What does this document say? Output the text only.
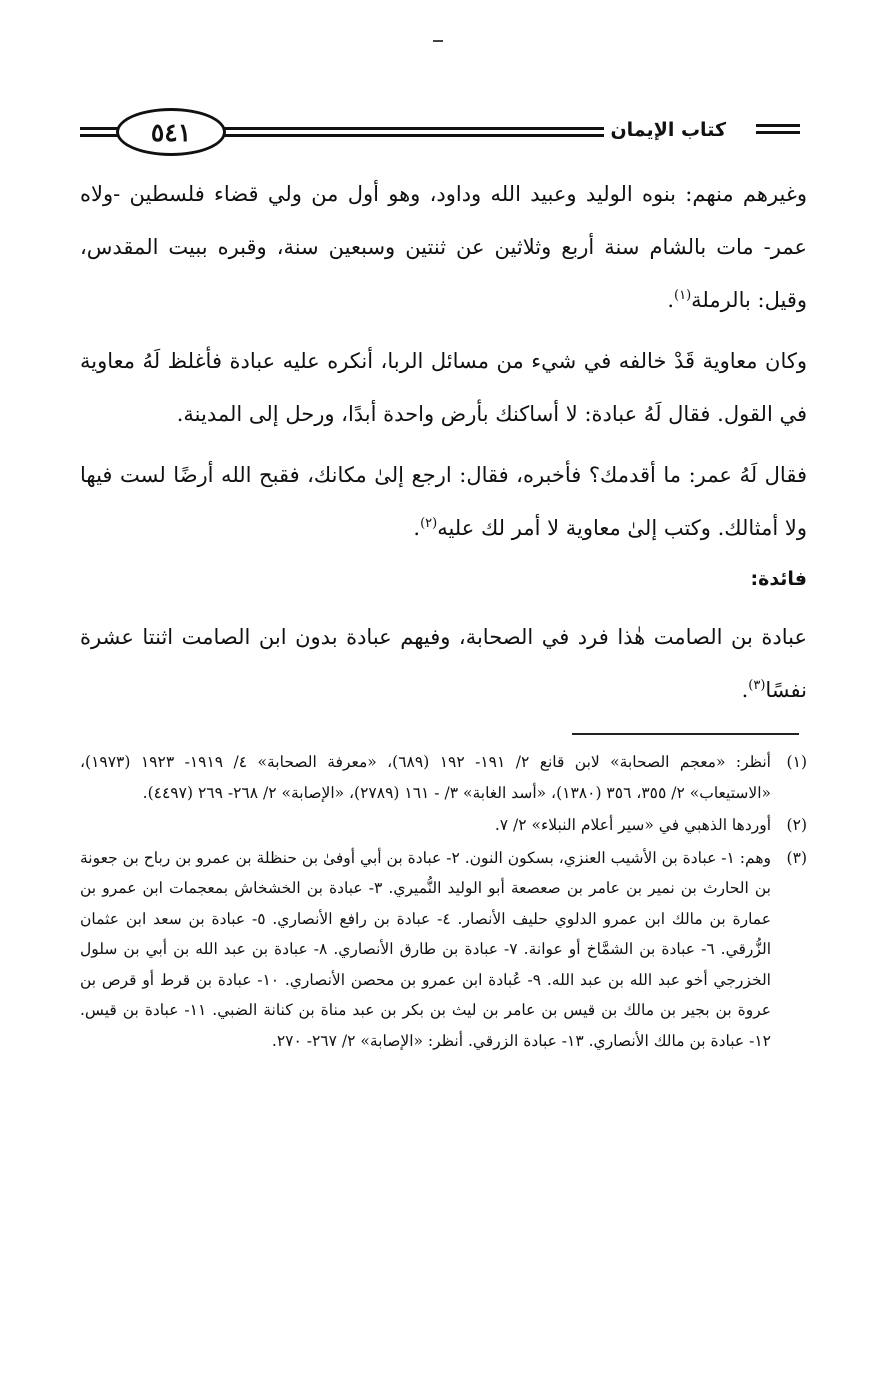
٥٤١	كتاب الإيمان

وغيرهم منهم: بنوه الوليد وعبيد الله وداود، وهو أول من ولي قضاء فلسطين -ولاه عمر- مات بالشام سنة أربع وثلاثين عن ثنتين وسبعين سنة، وقبره ببيت المقدس، وقيل: بالرملة$^{(١)}$.

وكان معاوية قَدْ خالفه في شيء من مسائل الربا، أنكره عليه عبادة فأغلظ لَهُ معاوية في القول. فقال لَهُ عبادة: لا أساكنك بأرض واحدة أبدًا، ورحل إلى المدينة.

فقال لَهُ عمر: ما أقدمك؟ فأخبره، فقال: ارجع إلىٰ مكانك، فقبح الله أرضًا لست فيها ولا أمثالك. وكتب إلىٰ معاوية لا أمر لك عليه$^{(٢)}$.

فائدة:

عبادة بن الصامت هٰذا فرد في الصحابة، وفيهم عبادة بدون ابن الصامت اثنتا عشرة نفسًا$^{(٣)}$.

(١)
أنظر: «معجم الصحابة» لابن قانع ٢/ ١٩١- ١٩٢ (٦٨٩)، «معرفة الصحابة» ٤/ ١٩١٩- ١٩٢٣ (١٩٧٣)، «الاستيعاب» ٢/ ٣٥٥، ٣٥٦ (١٣٨٠)، «أسد الغابة» ٣/ - ١٦١ (٢٧٨٩)، «الإصابة» ٢/ ٢٦٨- ٢٦٩ (٤٤٩٧).
(٢)
أوردها الذهبي في «سير أعلام النبلاء» ٢/ ٧.
(٣)
وهم: ١- عبادة بن الأشيب العنزي، بسكون النون. ٢- عبادة بن أبي أوفىٰ بن حنظلة بن عمرو بن رباح بن جعونة بن الحارث بن نمير بن عامر بن صعصعة أبو الوليد النُّميري. ٣- عبادة بن الخشخاش بمعجمات ابن عمرو بن عمارة بن مالك ابن عمرو الدلوي حليف الأنصار. ٤- عبادة بن رافع الأنصاري. ٥- عبادة بن سعد ابن عثمان الزُّرقي. ٦- عبادة بن الشمَّاخ أو عوانة. ٧- عبادة بن طارق الأنصاري. ٨- عبادة بن عبد الله بن أبي بن سلول الخزرجي أخو عبد الله بن عبد الله. ٩- عُبادة ابن عمرو بن محصن الأنصاري. ١٠- عبادة بن قرط أو قرص بن عروة بن بجير بن مالك بن قيس بن عامر بن ليث بن بكر بن عبد مناة بن كنانة الضبي. ١١- عبادة بن قيس. ١٢- عبادة بن مالك الأنصاري. ١٣- عبادة الزرقي. أنظر: «الإصابة» ٢/ ٢٦٧- ٢٧٠.
